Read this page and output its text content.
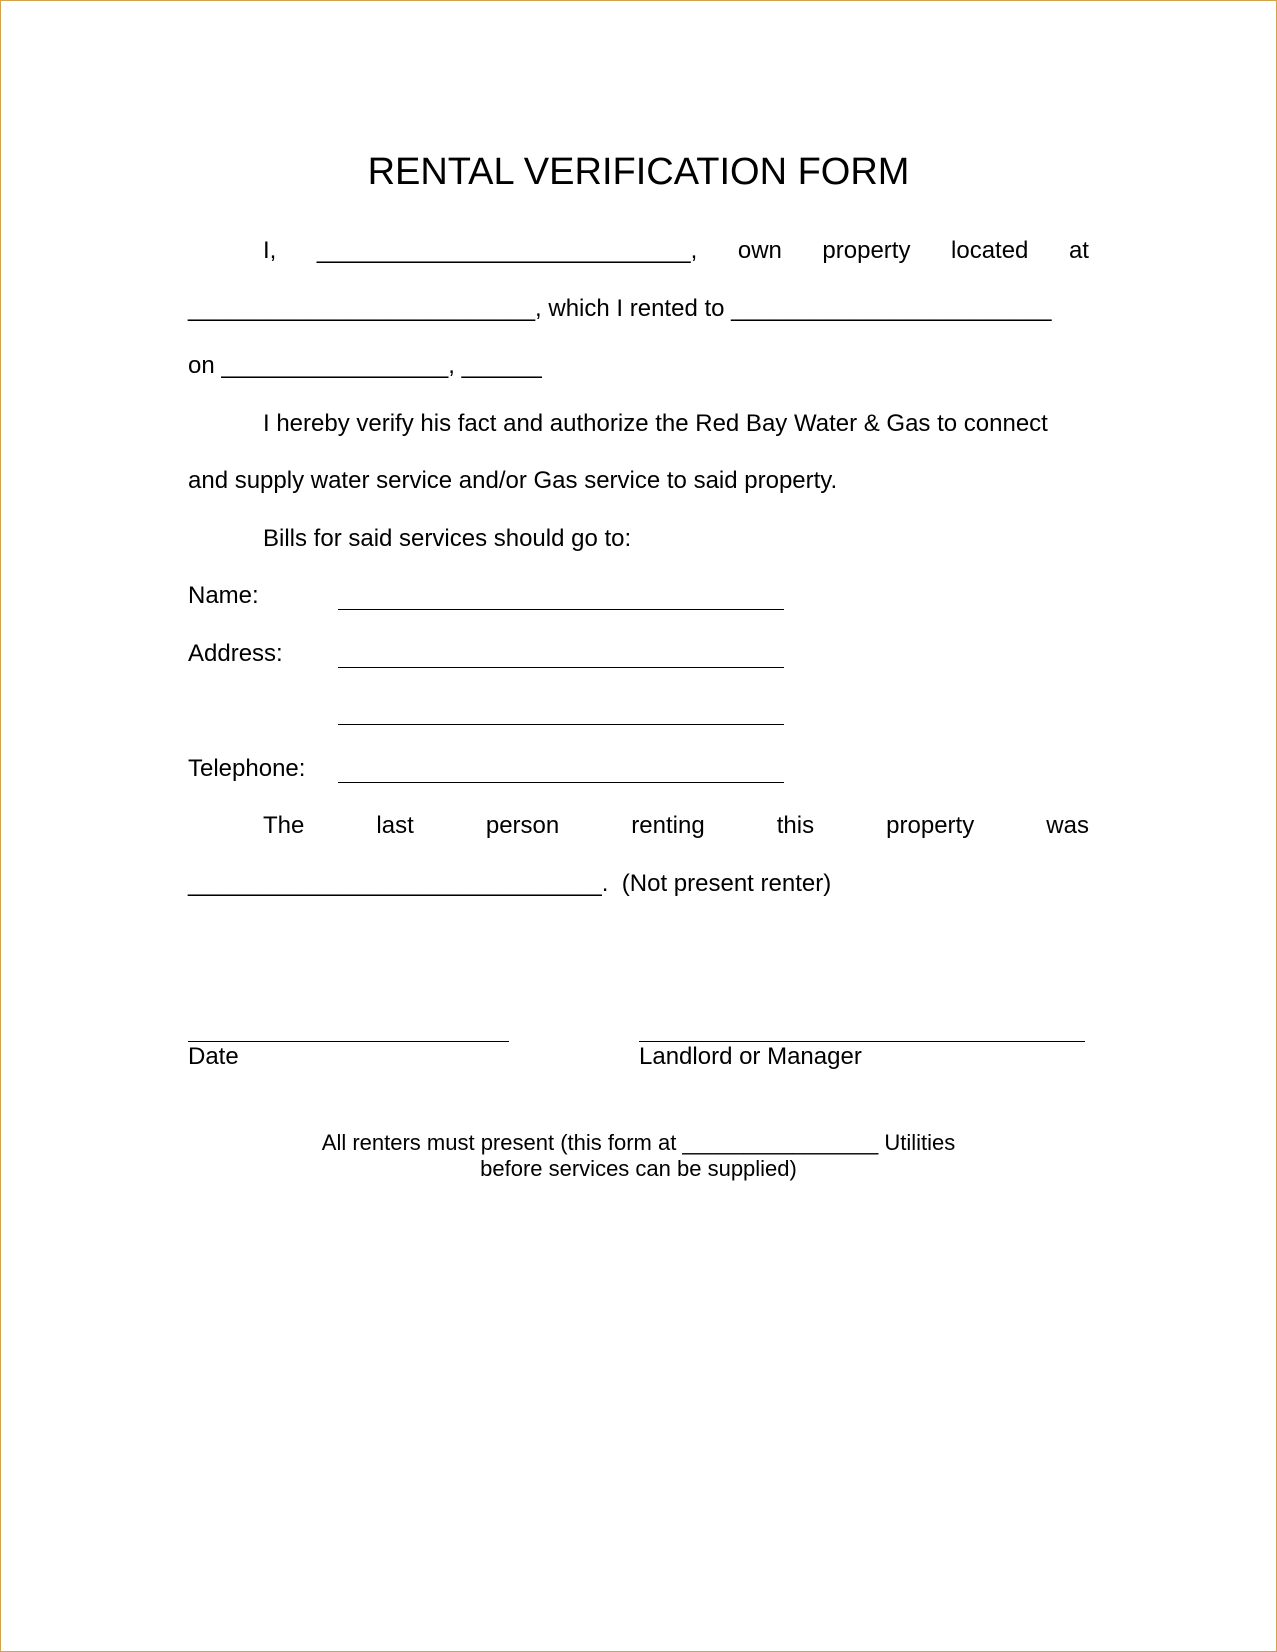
RENTAL VERIFICATION FORM
I, ____________________________, own property located at
__________________________, which I rented to ________________________
on _________________, ______
I hereby verify his fact and authorize the Red Bay Water & Gas to connect
and supply water service and/or Gas service to said property.
Bills for said services should go to:
Name:
Address:
Telephone:
The	last	person	renting	this	property	was
_______________________________.  (Not present renter)
Date	Landlord or Manager
All renters must present (this form at ________________ Utilities
before services can be supplied)
